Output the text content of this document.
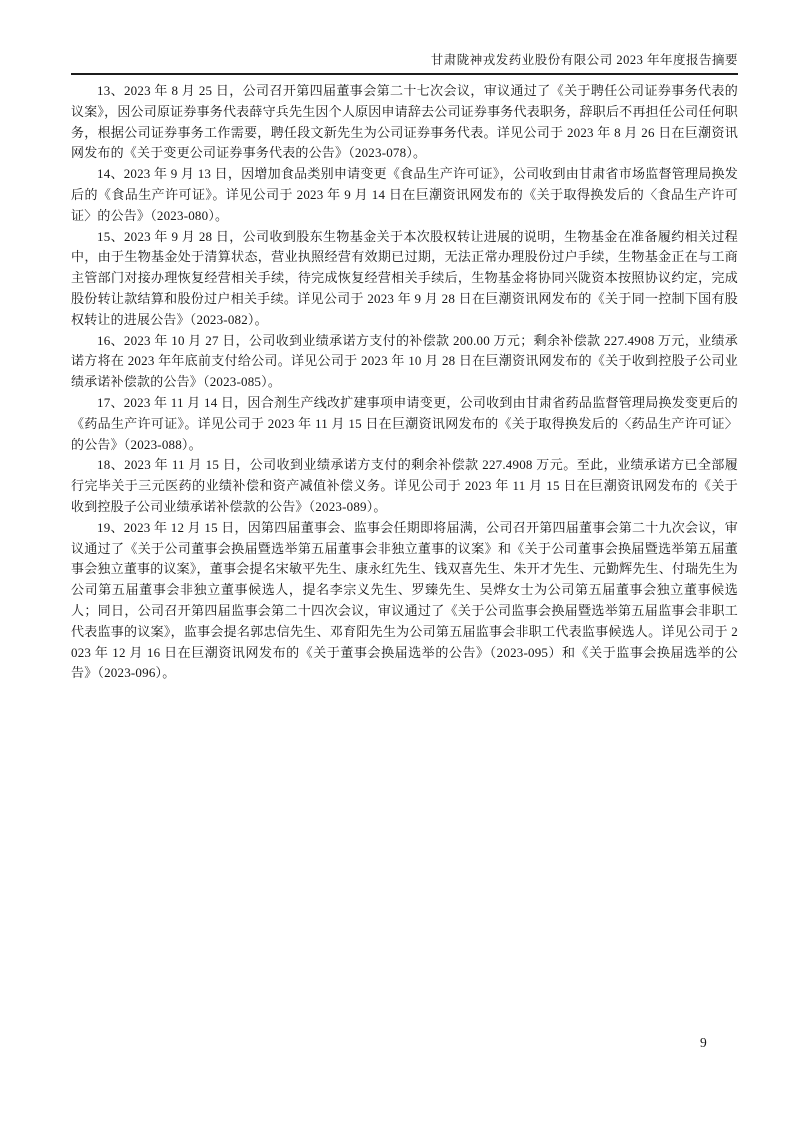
甘肃陇神戎发药业股份有限公司 2023 年年度报告摘要

13、2023 年 8 月 25 日，公司召开第四届董事会第二十七次会议，审议通过了《关于聘任公司证券事务代表的议案》，因公司原证券事务代表薛守兵先生因个人原因申请辞去公司证券事务代表职务，辞职后不再担任公司任何职务，根据公司证券事务工作需要，聘任段文新先生为公司证券事务代表。详见公司于 2023 年 8 月 26 日在巨潮资讯网发布的《关于变更公司证券事务代表的公告》（2023-078）。

14、2023 年 9 月 13 日，因增加食品类别申请变更《食品生产许可证》，公司收到由甘肃省市场监督管理局换发后的《食品生产许可证》。详见公司于 2023 年 9 月 14 日在巨潮资讯网发布的《关于取得换发后的〈食品生产许可证〉的公告》（2023-080）。

15、2023 年 9 月 28 日，公司收到股东生物基金关于本次股权转让进展的说明，生物基金在准备履约相关过程中，由于生物基金处于清算状态，营业执照经营有效期已过期，无法正常办理股份过户手续，生物基金正在与工商主管部门对接办理恢复经营相关手续，待完成恢复经营相关手续后，生物基金将协同兴陇资本按照协议约定，完成股份转让款结算和股份过户相关手续。详见公司于 2023 年 9 月 28 日在巨潮资讯网发布的《关于同一控制下国有股权转让的进展公告》（2023-082）。

16、2023 年 10 月 27 日，公司收到业绩承诺方支付的补偿款 200.00 万元；剩余补偿款 227.4908 万元，业绩承诺方将在 2023 年年底前支付给公司。详见公司于 2023 年 10 月 28 日在巨潮资讯网发布的《关于收到控股子公司业绩承诺补偿款的公告》（2023-085）。

17、2023 年 11 月 14 日，因合剂生产线改扩建事项申请变更，公司收到由甘肃省药品监督管理局换发变更后的《药品生产许可证》。详见公司于 2023 年 11 月 15 日在巨潮资讯网发布的《关于取得换发后的〈药品生产许可证〉的公告》（2023-088）。

18、2023 年 11 月 15 日，公司收到业绩承诺方支付的剩余补偿款 227.4908 万元。至此，业绩承诺方已全部履行完毕关于三元医药的业绩补偿和资产减值补偿义务。详见公司于 2023 年 11 月 15 日在巨潮资讯网发布的《关于收到控股子公司业绩承诺补偿款的公告》（2023-089）。

19、2023 年 12 月 15 日，因第四届董事会、监事会任期即将届满，公司召开第四届董事会第二十九次会议，审议通过了《关于公司董事会换届暨选举第五届董事会非独立董事的议案》和《关于公司董事会换届暨选举第五届董事会独立董事的议案》，董事会提名宋敏平先生、康永红先生、钱双喜先生、朱开才先生、元勤辉先生、付瑞先生为公司第五届董事会非独立董事候选人，提名李宗义先生、罗臻先生、吴烨女士为公司第五届董事会独立董事候选人；同日，公司召开第四届监事会第二十四次会议，审议通过了《关于公司监事会换届暨选举第五届监事会非职工代表监事的议案》，监事会提名郭忠信先生、邓育阳先生为公司第五届监事会非职工代表监事候选人。详见公司于 2023 年 12 月 16 日在巨潮资讯网发布的《关于董事会换届选举的公告》（2023-095）和《关于监事会换届选举的公告》（2023-096）。

9
